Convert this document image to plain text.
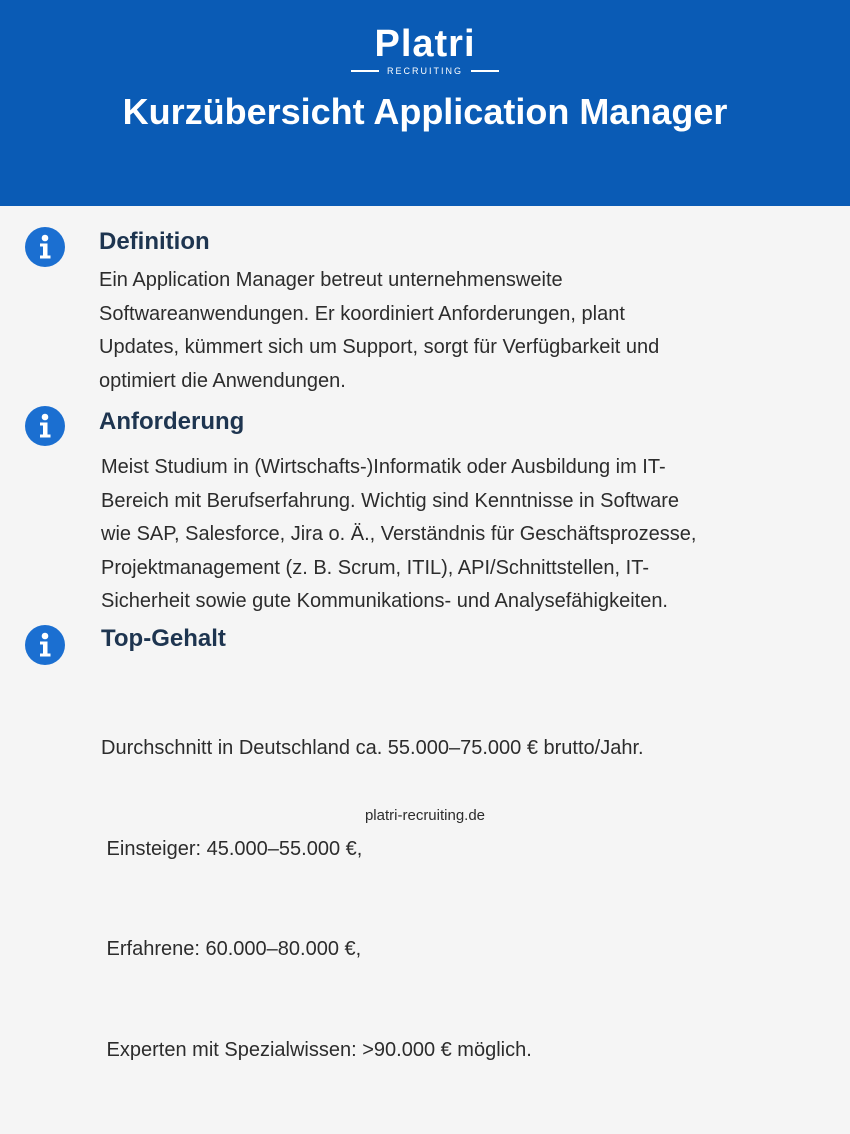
Platri
RECRUITING
Kurzübersicht Application Manager
Definition
Ein Application Manager betreut unternehmensweite
Softwareanwendungen. Er koordiniert Anforderungen, plant
Updates, kümmert sich um Support, sorgt für Verfügbarkeit und
optimiert die Anwendungen.
Anforderung
Meist Studium in (Wirtschafts-)Informatik oder Ausbildung im IT-
Bereich mit Berufserfahrung. Wichtig sind Kenntnisse in Software
wie SAP, Salesforce, Jira o. Ä., Verständnis für Geschäftsprozesse,
Projektmanagement (z. B. Scrum, ITIL), API/Schnittstellen, IT-
Sicherheit sowie gute Kommunikations- und Analysefähigkeiten.
Top-Gehalt

Durchschnitt in Deutschland ca. 55.000–75.000 € brutto/Jahr.

Einsteiger: 45.000–55.000 €,

Erfahrene: 60.000–80.000 €,

Experten mit Spezialwissen: >90.000 € möglich.

platri-recruiting.de
